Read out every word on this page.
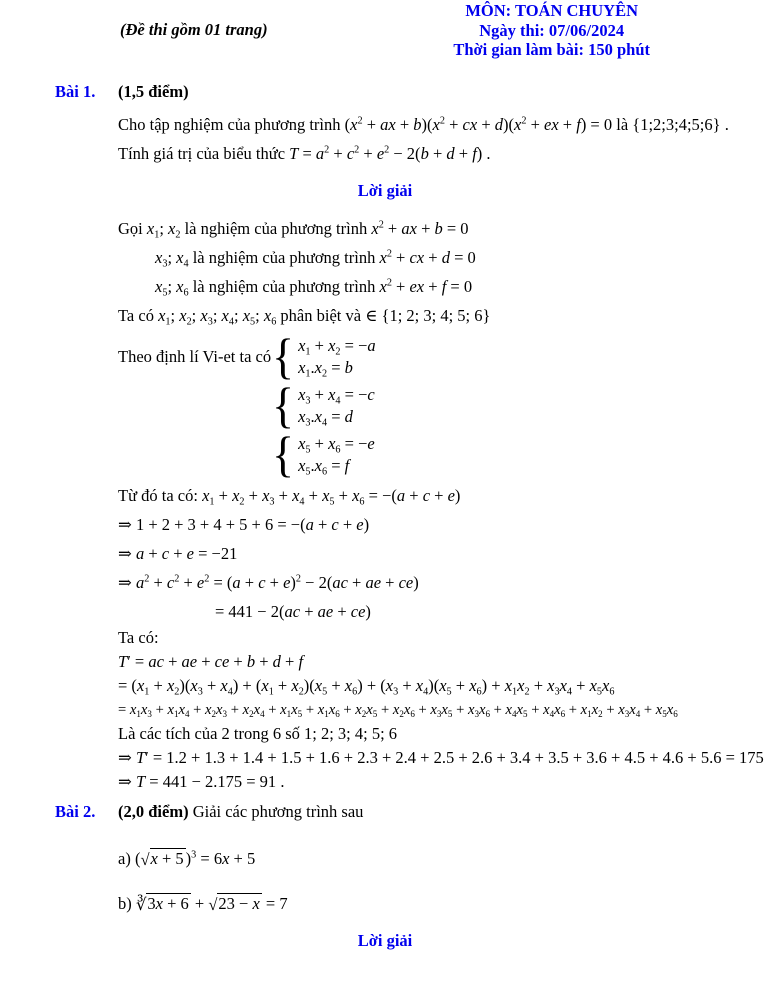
(Đề thi gồm 01 trang)
MÔN: TOÁN CHUYÊN
Ngày thi: 07/06/2024
Thời gian làm bài: 150 phút
Bài 1. (1,5 điểm)
Cho tập nghiệm của phương trình ($x^2$ + ax + $b)(x^2$ + cx + $d)(x^2$ + ex + f) = 0 là {1;2;3;4;5;6} .
Tính giá trị của biểu thức $T = a^2 + c^2 + e^2 - 2(b + d + f)$ .
Lời giải
Gọi $x_1$; $x_2$ là nghiệm của phương trình $x^2$ + ax + b = 0
$x_3$; $x_4$ là nghiệm của phương trình $x^2$ + cx + d = 0
$x_5$; $x_6$ là nghiệm của phương trình $x^2$ + ex + f = 0
Ta có $x_1$; $x_2$; $x_3$; $x_4$; $x_5$; $x_6$ phân biệt và ∈ {1; 2; 3; 4; 5; 6}
Theo định lí Vi-et ta có { $x_1 + x_2 = -a$
$x_1.x_2 = b$
{ $x_3 + x_4 = -c$
$x_3.x_4 = d$
{ $x_5 + x_6 = -e$
$x_5.x_6 = f$
Từ đó ta có: $x_1 + x_2 + x_3 + x_4 + x_5 + x_6 = -(a + c + e)$
⇒ 1 + 2 + 3 + 4 + 5 + 6 = −(a + c + e)
⇒ a + c + e = −21
⇒ $a^2 + c^2 + e^2 = (a + c + e)^2 - 2(ac$ + ae + ce)
= 441 − 2(ac + ae + ce)
Ta có:
T′ = ac + ae + ce + b + d + f
= $(x_1 + x_2)(x_3 + x_4) + (x_1 + x_2)(x_5 + x_6) + (x_3 + x_4)(x_5 + x_6) + x_1x_2 + x_3x_4 + x_5x_6$
= $x_1x_3 + x_1x_4 + x_2x_3 + x_2x_4 + x_1x_5 + x_1x_6 + x_2x_5 + x_2x_6 + x_3x_5 + x_3x_6 + x_4x_5 + x_4x_6 + x_1x_2 + x_3x_4 + x_5x_6$
Là các tích của 2 trong 6 số 1; 2; 3; 4; 5; 6
⇒ T′ = 1.2 + 1.3 + 1.4 + 1.5 + 1.6 + 2.3 + 2.4 + 2.5 + 2.6 + 3.4 + 3.5 + 3.6 + 4.5 + 4.6 + 5.6 = 175
⇒ T = 441 − 2.175 = 91 .
Bài 2. (2,0 điểm) Giải các phương trình sau
a) (√x + 5 )$^3$ = 6x + 5
b) ∛3x + 6 + √23 − x = 7
Lời giải
